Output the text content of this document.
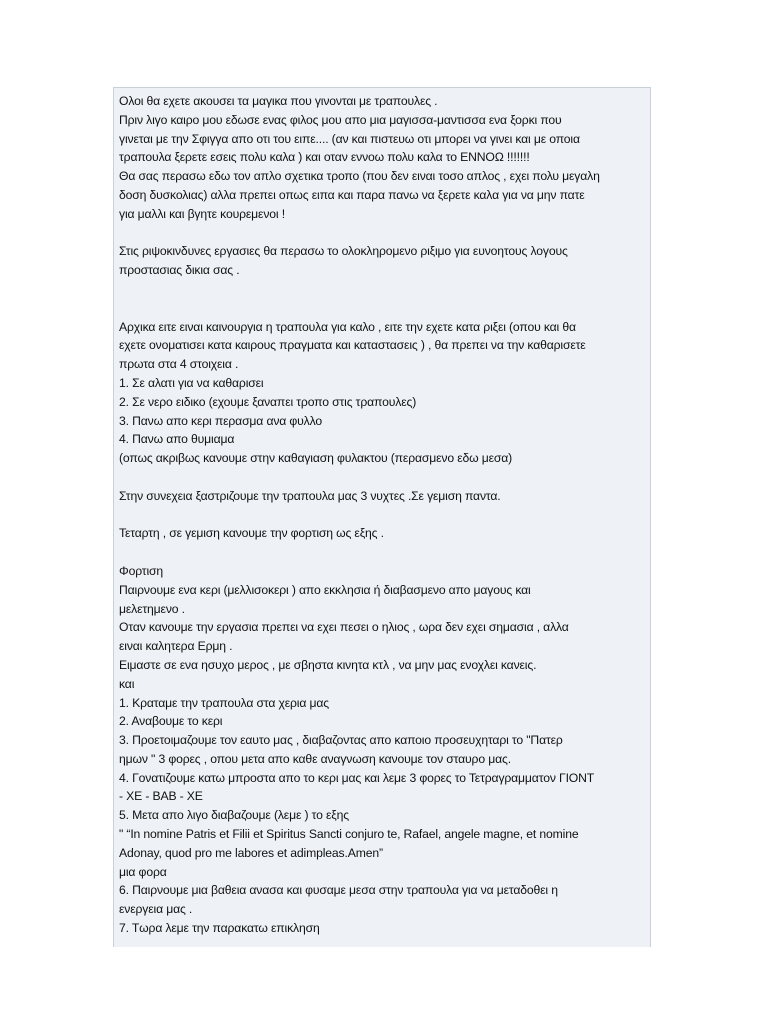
Ολοι θα εχετε ακουσει τα μαγικα που γινονται με τραπουλες .
Πριν λιγο καιρο μου εδωσε ενας φιλος μου απο μια μαγισσα-μαντισσα ενα ξορκι που
γινεται με την Σφιγγα απο οτι του ειπε.... (αν και πιστευω οτι μπορει να γινει και με οποια
τραπουλα ξερετε εσεις πολυ καλα ) και οταν εννοω πολυ καλα το ΕΝΝΟΩ !!!!!!!
Θα σας περασω εδω τον απλο σχετικα τροπο (που δεν ειναι τοσο απλος , εχει πολυ μεγαλη
δοση δυσκολιας) αλλα πρεπει οπως ειπα και παρα πανω να ξερετε καλα για να μην πατε
για μαλλι και βγητε κουρεμενοι !
Στις ριψοκινδυνες εργασιες θα περασω το ολοκληρομενο ριξιμο για ευνοητους λογους
προστασιας δικια σας .
Αρχικα ειτε ειναι καινουργια η τραπουλα για καλο , ειτε την εχετε κατα ριξει (οπου και θα
εχετε ονοματισει κατα καιρους πραγματα και καταστασεις ) , θα πρεπει να την καθαρισετε
πρωτα στα 4 στοιχεια .
1. Σε αλατι για να καθαρισει
2. Σε νερο ειδικο (εχουμε ξαναπει τροπο στις τραπουλες)
3. Πανω απο κερι περασμα ανα φυλλο
4. Πανω απο θυμιαμα
(οπως ακριβως κανουμε στην καθαγιαση φυλακτου (περασμενο εδω μεσα)
Στην συνεχεια ξαστριζουμε την τραπουλα μας 3 νυχτες .Σε γεμιση παντα.
Τεταρτη , σε γεμιση κανουμε την φορτιση ως εξης .
Φορτιση
Παιρνουμε ενα κερι (μελλισοκερι ) απο εκκλησια ή διαβασμενο απο μαγους και
μελετημενο .
Οταν κανουμε την εργασια πρεπει να εχει πεσει ο ηλιος , ωρα δεν εχει σημασια , αλλα
ειναι καλητερα Ερμη .
Ειμαστε σε ενα ησυχο μερος , με σβηστα κινητα κτλ , να μην μας ενοχλει κανεις.
και
1. Κραταμε την τραπουλα στα χερια μας
2. Αναβουμε το κερι
3. Προετοιμαζουμε τον εαυτο μας , διαβαζοντας απο καποιο προσευχηταρι το "Πατερ
ημων " 3 φορες , οπου μετα απο καθε αναγνωση κανουμε τον σταυρο μας.
4. Γονατιζουμε κατω μπροστα απο το κερι μας και λεμε 3 φορες το Τετραγραμματον ΓΙΟΝΤ
- ΧΕ - ΒΑΒ - ΧΕ
5. Μετα απο λιγο διαβαζουμε (λεμε ) το εξης
" “In nomine Patris et Filii et Spiritus Sancti conjuro te, Rafael, angele magne, et nomine
Adonay, quod pro me labores et adimpleas.Amen”
μια φορα
6. Παιρνουμε μια βαθεια ανασα και φυσαμε μεσα στην τραπουλα για να μεταδοθει η
ενεργεια μας .
7. Τωρα λεμε την παρακατω επικληση
